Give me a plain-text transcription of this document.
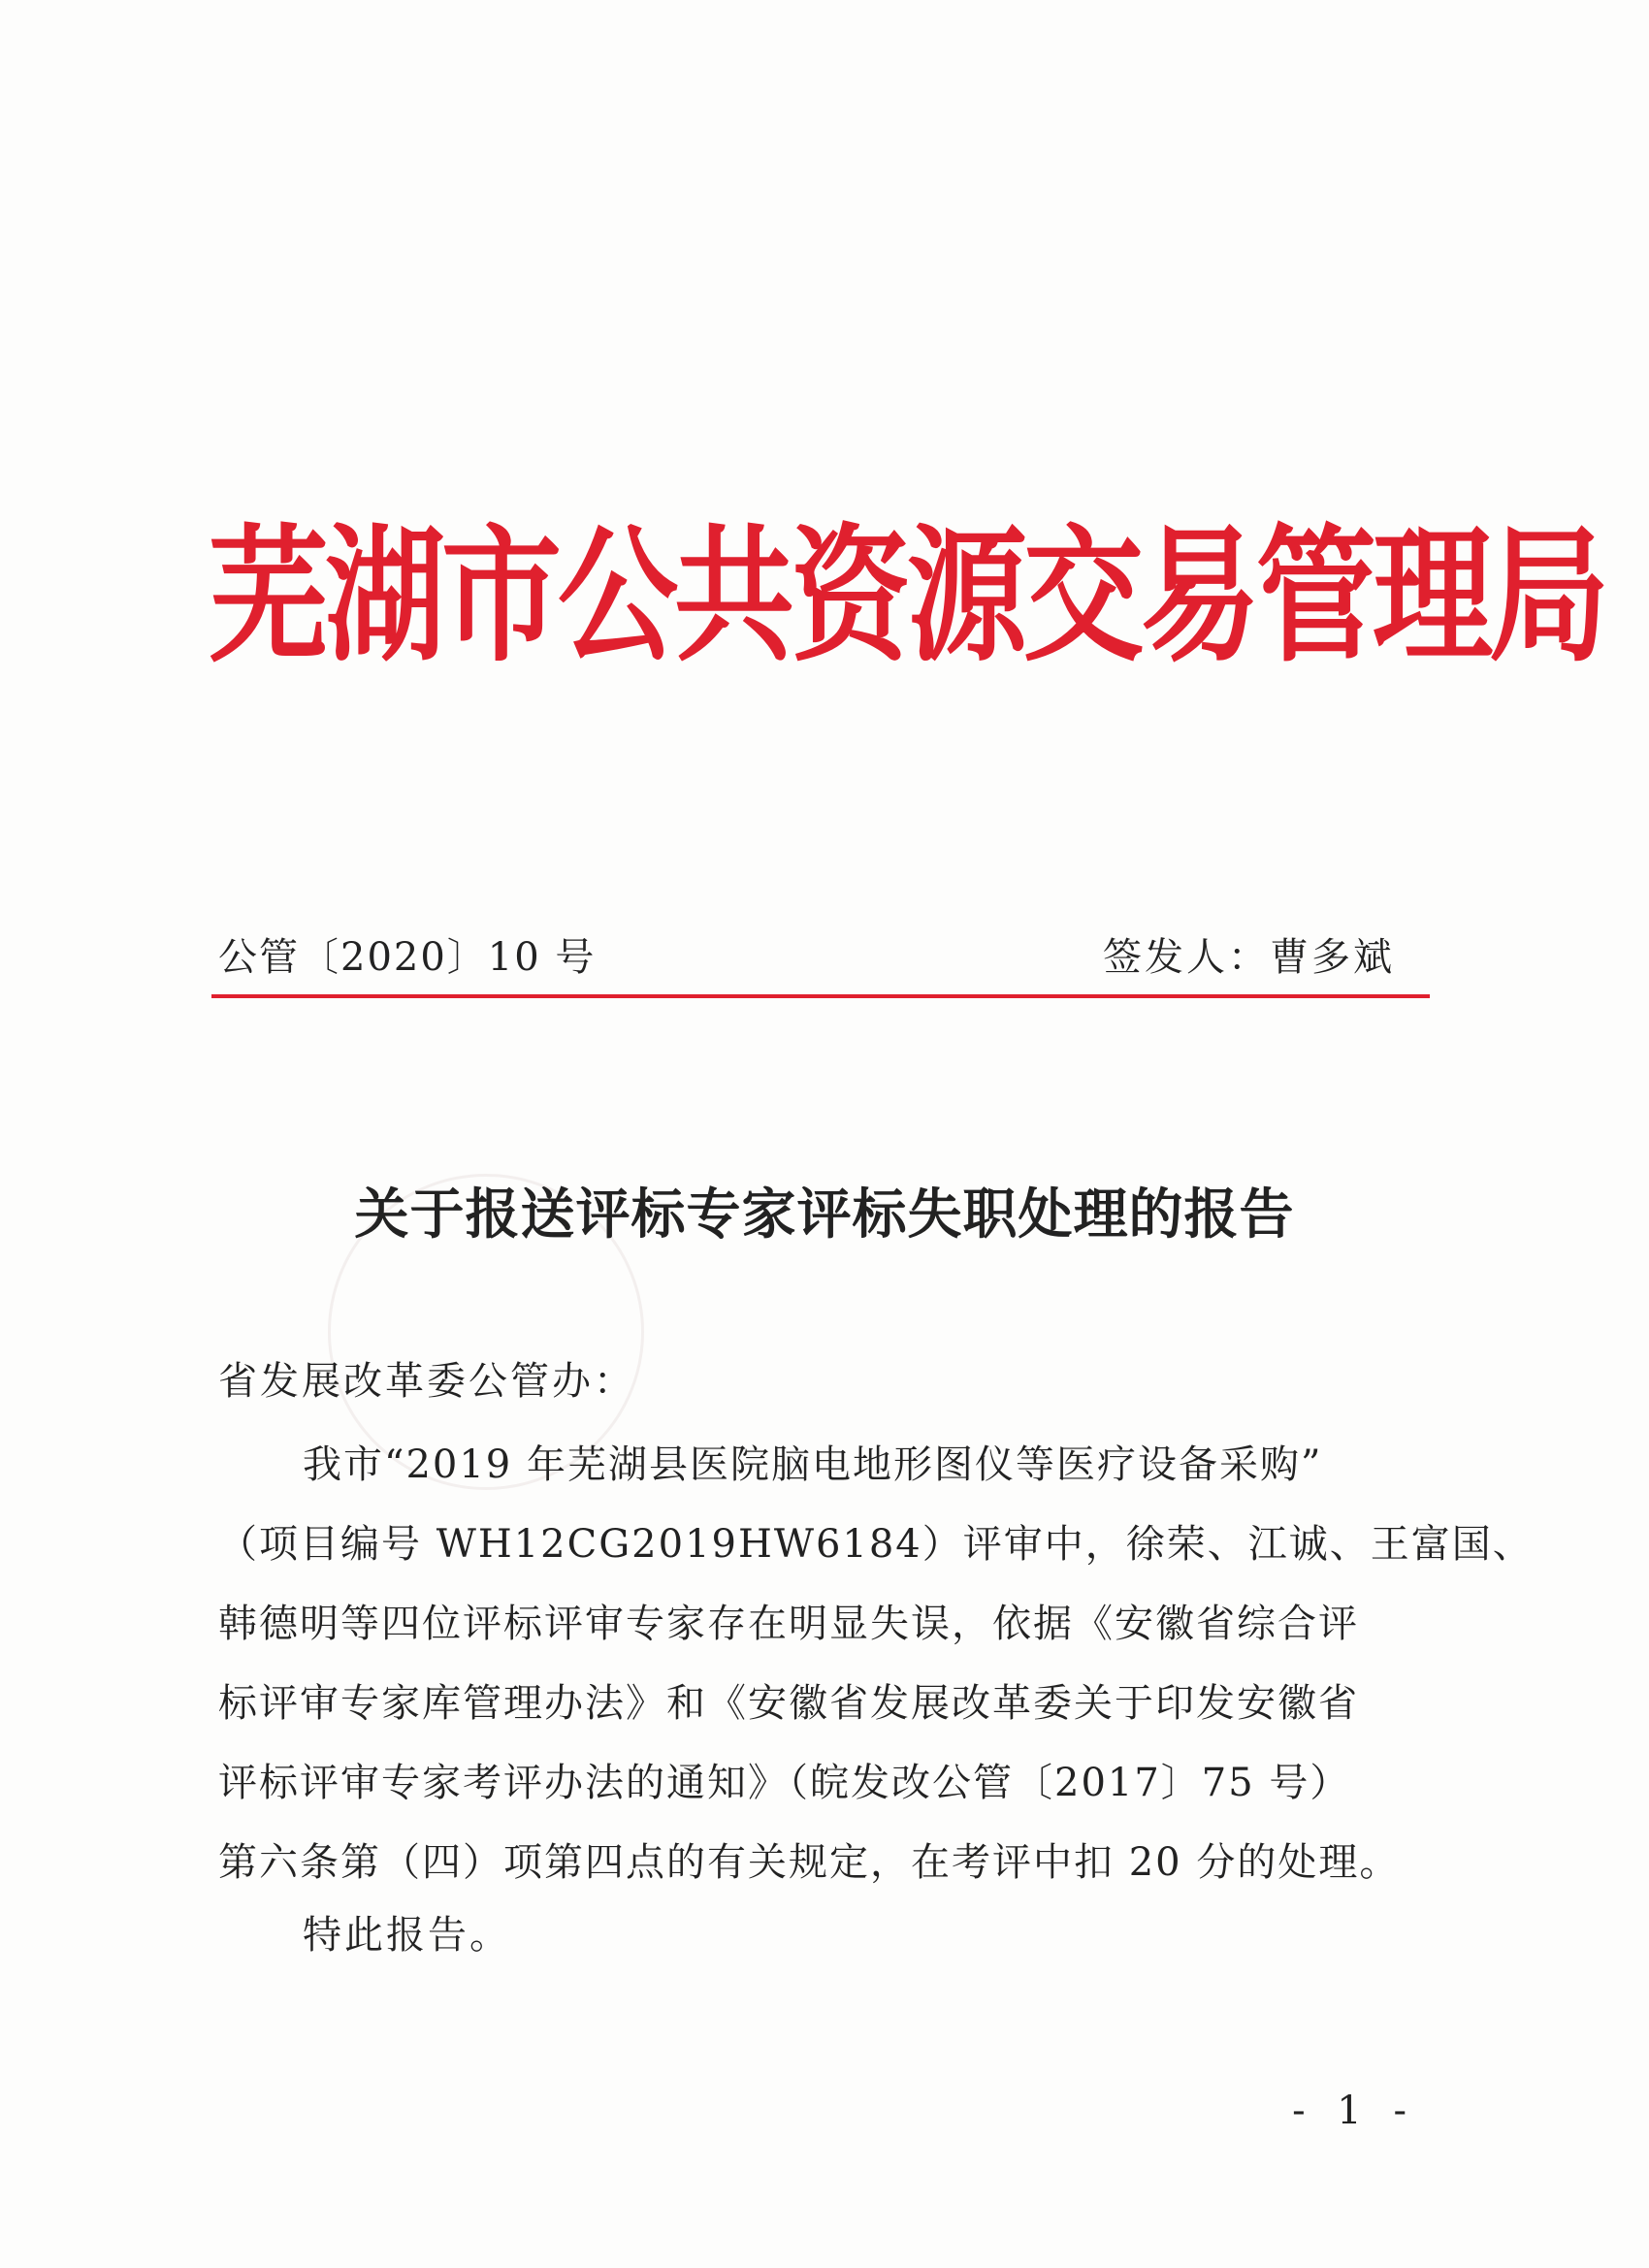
芜湖市公共资源交易管理局
公管〔2020〕10 号	签发人：曹多斌
关于报送评标专家评标失职处理的报告
省发展改革委公管办：
我市“2019 年芜湖县医院脑电地形图仪等医疗设备采购”
（项目编号 WH12CG2019HW6184）评审中，徐荣、江诚、王富国、
韩德明等四位评标评审专家存在明显失误，依据《安徽省综合评
标评审专家库管理办法》和《安徽省发展改革委关于印发安徽省
评标评审专家考评办法的通知》（皖发改公管〔2017〕75 号）
第六条第（四）项第四点的有关规定，在考评中扣 20 分的处理。
特此报告。
- 1 -
